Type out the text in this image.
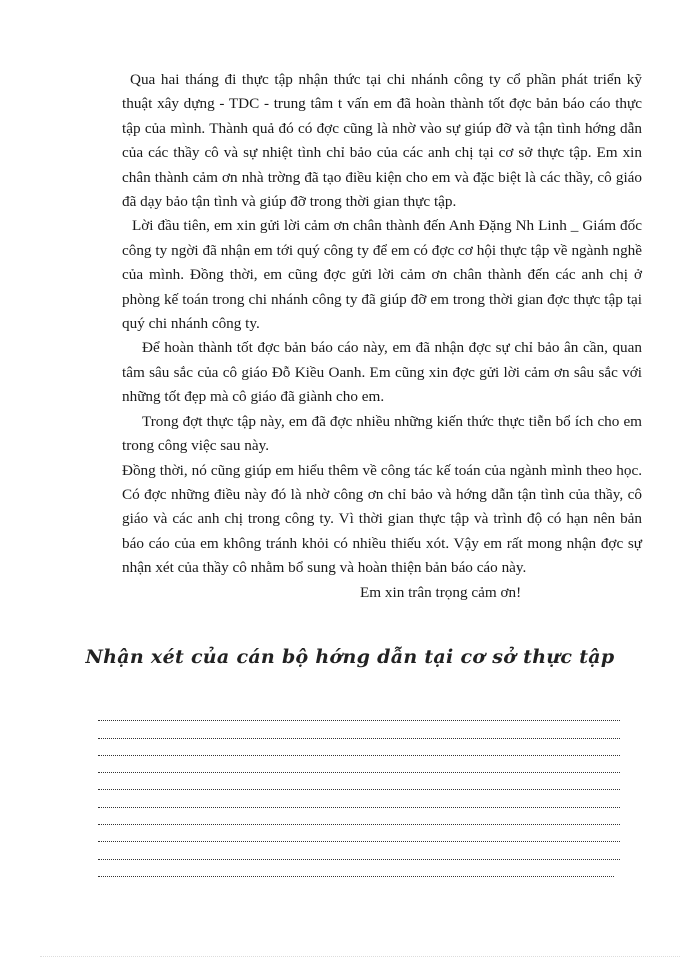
Qua hai tháng đi thực tập nhận thức tại chi nhánh công ty cổ phần phát triển kỹ thuật xây dựng - TDC - trung tâm t vấn em đã hoàn thành tốt đợc bản báo cáo thực tập của mình. Thành quả đó có đợc cũng là nhờ vào sự giúp đỡ và tận tình hớng dẫn của các thầy cô và sự nhiệt tình chỉ bảo của các anh chị tại cơ sở thực tập. Em xin chân thành cảm ơn nhà trờng đã tạo điều kiện cho em và đặc biệt là các thầy, cô giáo đã dạy bảo tận tình và giúp đỡ trong thời gian thực tập.

Lời đầu tiên, em xin gửi lời cảm ơn chân thành đến Anh Đặng Nh Linh _ Giám đốc công ty ngời đã nhận em tới quý công ty để em có đợc cơ hội thực tập về ngành nghề của mình. Đồng thời, em cũng đợc gửi lời cảm ơn chân thành đến các anh chị ở phòng kế toán trong chi nhánh công ty đã giúp đỡ em trong thời gian đợc thực tập tại quý chi nhánh công ty.

Để hoàn thành tốt đợc bản báo cáo này, em đã nhận đợc sự chỉ bảo ân cần, quan tâm sâu sắc của cô giáo Đỗ Kiều Oanh. Em cũng xin đợc gửi lời cảm ơn sâu sắc với những tốt đẹp mà cô giáo đã giành cho em.

Trong đợt thực tập này, em đã đợc nhiều những kiến thức thực tiễn bổ ích cho em trong công việc sau này.

Đồng thời, nó cũng giúp em hiểu thêm về công tác kế toán của ngành mình theo học. Có đợc những điều này đó là nhờ công ơn chỉ bảo và hớng dẫn tận tình của thầy, cô giáo và các anh chị trong công ty. Vì thời gian thực tập và trình độ có hạn nên bản báo cáo của em không tránh khỏi có nhiều thiếu xót. Vậy em rất mong nhận đợc sự nhận xét của thầy cô nhằm bổ sung và hoàn thiện bản báo cáo này.

Em xin trân trọng cảm ơn!

Nhận xét của cán bộ hớng dẫn tại cơ sở thực tập
